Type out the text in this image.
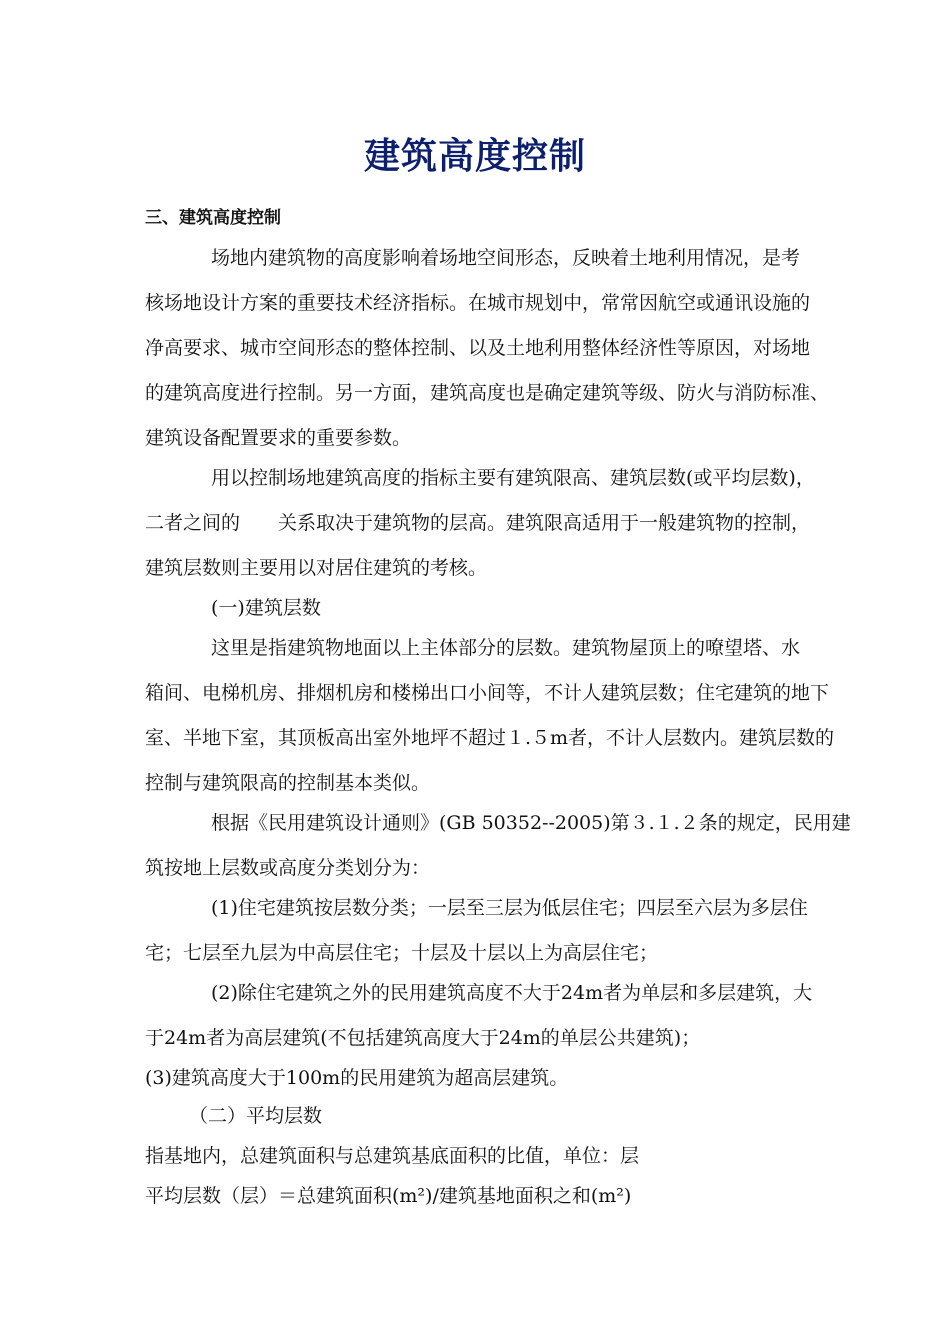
建筑高度控制
三、建筑高度控制
场地内建筑物的高度影响着场地空间形态，反映着土地利用情况，是考
核场地设计方案的重要技术经济指标。在城市规划中，常常因航空或通讯设施的
净高要求、城市空间形态的整体控制、以及土地利用整体经济性等原因，对场地
的建筑高度进行控制。另一方面，建筑高度也是确定建筑等级、防火与消防标准、
建筑设备配置要求的重要参数。
用以控制场地建筑高度的指标主要有建筑限高、建筑层数(或平均层数)，
二者之间的　　关系取决于建筑物的层高。建筑限高适用于一般建筑物的控制，
建筑层数则主要用以对居住建筑的考核。
(一)建筑层数
这里是指建筑物地面以上主体部分的层数。建筑物屋顶上的嘹望塔、水
箱间、电梯机房、排烟机房和楼梯出口小间等，不计人建筑层数；住宅建筑的地下
室、半地下室，其顶板高出室外地坪不超过１.５m者，不计人层数内。建筑层数的
控制与建筑限高的控制基本类似。
根据《民用建筑设计通则》(GB 50352--2005)第３.１.２条的规定，民用建
筑按地上层数或高度分类划分为：
(1)住宅建筑按层数分类；一层至三层为低层住宅；四层至六层为多层住
宅；七层至九层为中高层住宅；十层及十层以上为高层住宅；
(2)除住宅建筑之外的民用建筑高度不大于24m者为单层和多层建筑，大
于24m者为高层建筑(不包括建筑高度大于24m的单层公共建筑)；
(3)建筑高度大于100m的民用建筑为超高层建筑。
（二）平均层数
指基地内，总建筑面积与总建筑基底面积的比值，单位：层
平均层数（层）＝总建筑面积(m²)/建筑基地面积之和(m²)
